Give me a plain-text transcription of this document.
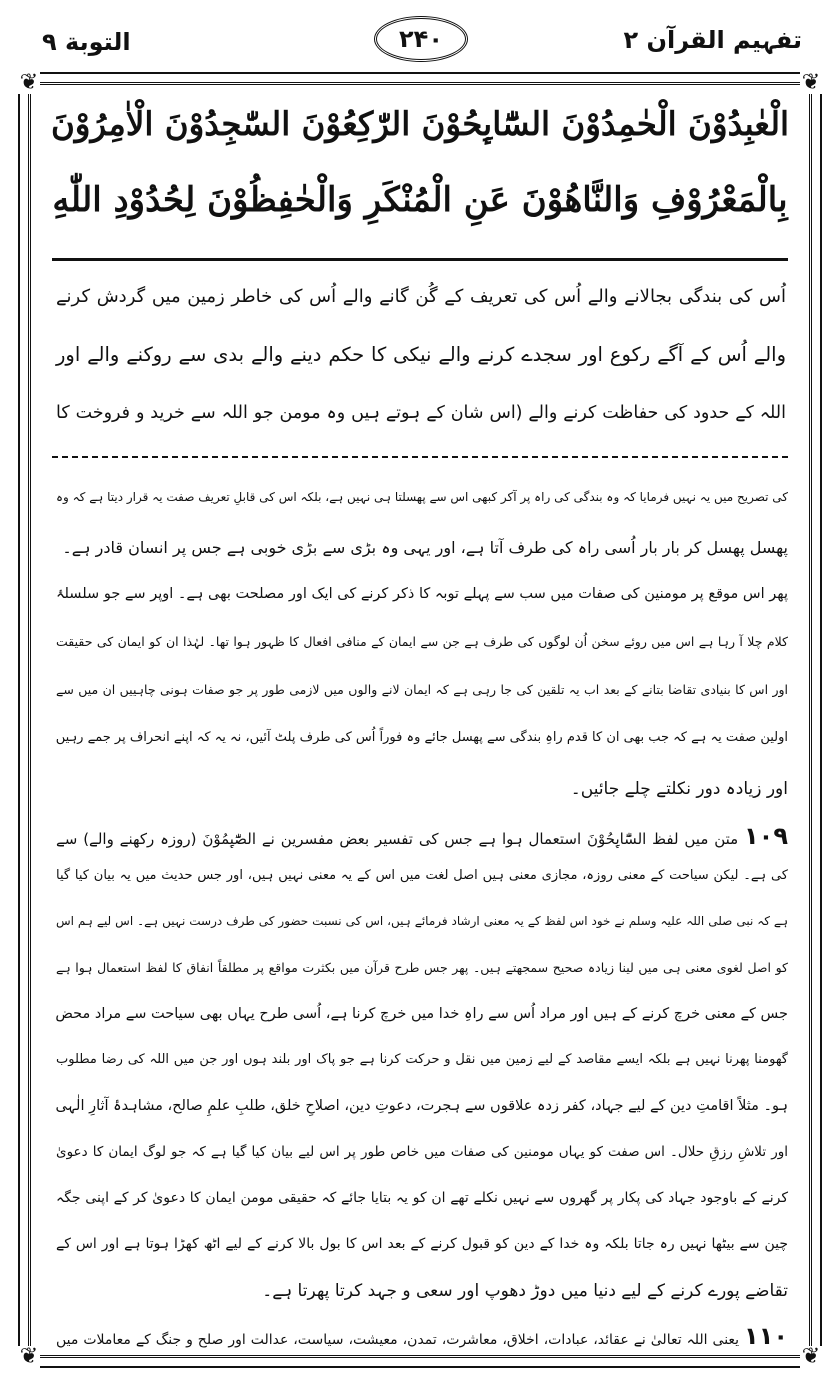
التوبة ۹	۲۴۰	تفہیم القرآن ۲
❦	❦
❦	❦
الْعٰبِدُوْنَ الْحٰمِدُوْنَ السّٰٓاىِٕحُوْنَ الرّٰكِعُوْنَ السّٰجِدُوْنَ الْاٰمِرُوْنَ
بِالْمَعْرُوْفِ وَالنَّاهُوْنَ عَنِ الْمُنْكَرِ وَالْحٰفِظُوْنَ لِحُدُوْدِ اللّٰهِ
اُس کی بندگی بجالانے والے اُس کی تعریف کے گُن گانے والے اُس کی خاطر زمین میں گردش کرنے
والے اُس کے آگے رکوع اور سجدے کرنے والے نیکی کا حکم دینے والے بدی سے روکنے والے اور
اللہ کے حدود کی حفاظت کرنے والے (اس شان کے ہوتے ہیں وہ مومن جو اللہ سے خرید و فروخت کا
کی تصریح میں یہ نہیں فرمایا کہ وہ بندگی کی راہ پر آکر کبھی اس سے پھسلتا ہی نہیں ہے، بلکہ اس کی قابلِ تعریف صفت یہ قرار دیتا ہے کہ وہ
پھسل پھسل کر بار بار اُسی راہ کی طرف آتا ہے، اور یہی وہ بڑی سے بڑی خوبی ہے جس پر انسان قادر ہے۔
پھر اس موقع پر مومنین کی صفات میں سب سے پہلے توبہ کا ذکر کرنے کی ایک اور مصلحت بھی ہے۔ اوپر سے جو سلسلۂ
کلام چلا آ رہا ہے اس میں روئے سخن اُن لوگوں کی طرف ہے جن سے ایمان کے منافی افعال کا ظہور ہوا تھا۔ لہٰذا ان کو ایمان کی حقیقت
اور اس کا بنیادی تقاضا بتانے کے بعد اب یہ تلقین کی جا رہی ہے کہ ایمان لانے والوں میں لازمی طور پر جو صفات ہونی چاہییں ان میں سے
اولین صفت یہ ہے کہ جب بھی ان کا قدم راہِ بندگی سے پھسل جائے وہ فوراً اُس کی طرف پلٹ آئیں، نہ یہ کہ اپنے انحراف پر جمے رہیں
اور زیادہ دور نکلتے چلے جائیں۔
۱۰۹ متن میں لفظ السّٰٓاىِٕحُوْنَ استعمال ہوا ہے جس کی تفسیر بعض مفسرین نے الصّٰٓىِٕمُوْنَ (روزہ رکھنے والے) سے
کی ہے۔ لیکن سیاحت کے معنی روزہ، مجازی معنی ہیں اصل لغت میں اس کے یہ معنی نہیں ہیں، اور جس حدیث میں یہ بیان کیا گیا
ہے کہ نبی صلی اللہ علیہ وسلم نے خود اس لفظ کے یہ معنی ارشاد فرمائے ہیں، اس کی نسبت حضور کی طرف درست نہیں ہے۔ اس لیے ہم اس
کو اصل لغوی معنی ہی میں لینا زیادہ صحیح سمجھتے ہیں۔ پھر جس طرح قرآن میں بکثرت مواقع پر مطلقاً انفاق کا لفظ استعمال ہوا ہے
جس کے معنی خرچ کرنے کے ہیں اور مراد اُس سے راہِ خدا میں خرچ کرنا ہے، اُسی طرح یہاں بھی سیاحت سے مراد محض
گھومنا پھرنا نہیں ہے بلکہ ایسے مقاصد کے لیے زمین میں نقل و حرکت کرنا ہے جو پاک اور بلند ہوں اور جن میں اللہ کی رضا مطلوب
ہو۔ مثلاً اقامتِ دین کے لیے جہاد، کفر زدہ علاقوں سے ہجرت، دعوتِ دین، اصلاحِ خلق، طلبِ علمِ صالح، مشاہدۂ آثارِ الٰہی
اور تلاشِ رزقِ حلال۔ اس صفت کو یہاں مومنین کی صفات میں خاص طور پر اس لیے بیان کیا گیا ہے کہ جو لوگ ایمان کا دعویٰ
کرنے کے باوجود جہاد کی پکار پر گھروں سے نہیں نکلے تھے ان کو یہ بتایا جائے کہ حقیقی مومن ایمان کا دعویٰ کر کے اپنی جگہ
چین سے بیٹھا نہیں رہ جاتا بلکہ وہ خدا کے دین کو قبول کرنے کے بعد اس کا بول بالا کرنے کے لیے اٹھ کھڑا ہوتا ہے اور اس کے
تقاضے پورے کرنے کے لیے دنیا میں دوڑ دھوپ اور سعی و جہد کرتا پھرتا ہے۔
۱۱۰ یعنی اللہ تعالیٰ نے عقائد، عبادات، اخلاق، معاشرت، تمدن، معیشت، سیاست، عدالت اور صلح و جنگ کے معاملات میں
